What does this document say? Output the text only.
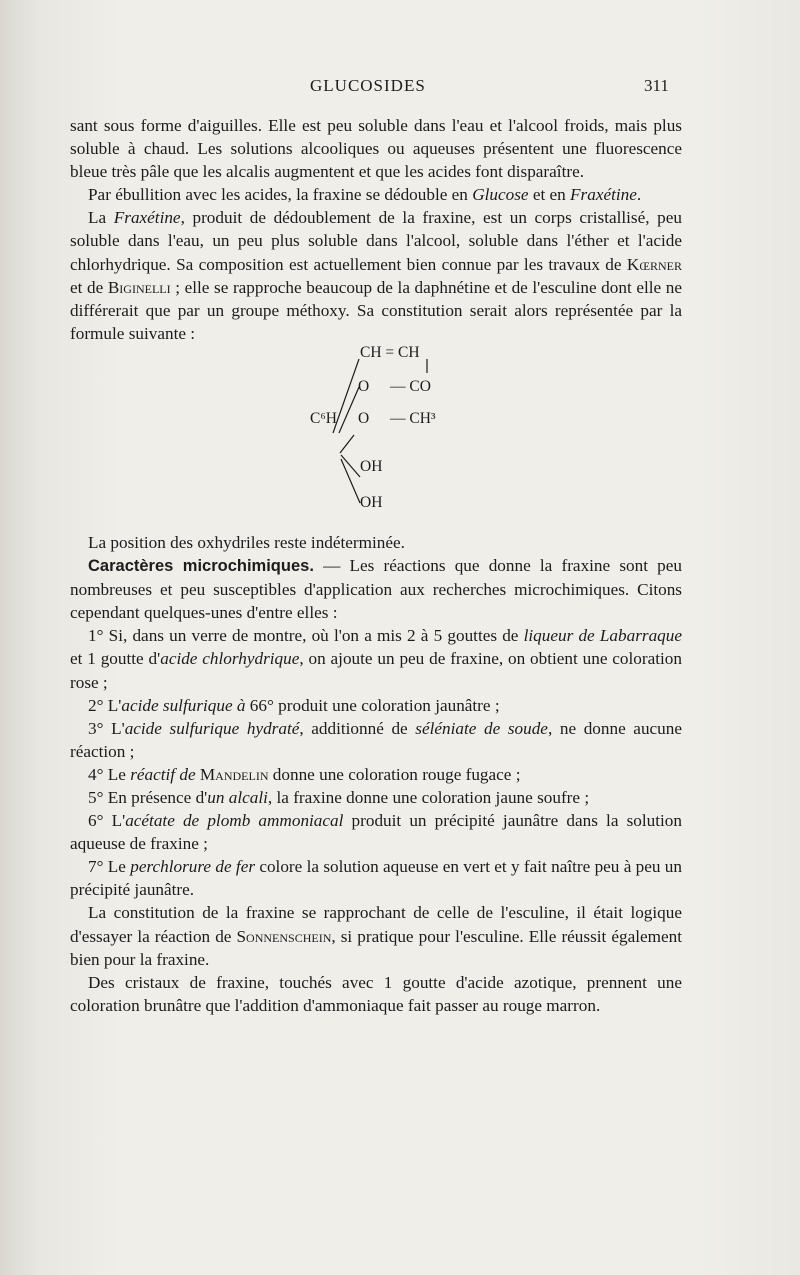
GLUCOSIDES	311

sant sous forme d'aiguilles. Elle est peu soluble dans l'eau et l'alcool froids, mais plus soluble à chaud. Les solutions alcooliques ou aqueuses présentent une fluorescence bleue très pâle que les alcalis augmentent et que les acides font disparaître.

Par ébullition avec les acides, la fraxine se dédouble en Glucose et en Fraxétine.

La Fraxétine, produit de dédoublement de la fraxine, est un corps cristallisé, peu soluble dans l'eau, un peu plus soluble dans l'alcool, soluble dans l'éther et l'acide chlorhydrique. Sa composition est actuellement bien connue par les travaux de Kœrner et de Biginelli ; elle se rapproche beaucoup de la daphnétine et de l'esculine dont elle ne différerait que par un groupe méthoxy. Sa constitution serait alors représentée par la formule suivante :

CH = CH
O — CO
C⁶H O — CH³
OH
OH

La position des oxhydriles reste indéterminée.

Caractères microchimiques. — Les réactions que donne la fraxine sont peu nombreuses et peu susceptibles d'application aux recherches microchimiques. Citons cependant quelques-unes d'entre elles :

1° Si, dans un verre de montre, où l'on a mis 2 à 5 gouttes de liqueur de Labarraque et 1 goutte d'acide chlorhydrique, on ajoute un peu de fraxine, on obtient une coloration rose ;

2° L'acide sulfurique à 66° produit une coloration jaunâtre ;

3° L'acide sulfurique hydraté, additionné de séléniate de soude, ne donne aucune réaction ;

4° Le réactif de Mandelin donne une coloration rouge fugace ;

5° En présence d'un alcali, la fraxine donne une coloration jaune soufre ;

6° L'acétate de plomb ammoniacal produit un précipité jaunâtre dans la solution aqueuse de fraxine ;

7° Le perchlorure de fer colore la solution aqueuse en vert et y fait naître peu à peu un précipité jaunâtre.

La constitution de la fraxine se rapprochant de celle de l'esculine, il était logique d'essayer la réaction de Sonnenschein, si pratique pour l'esculine. Elle réussit également bien pour la fraxine.

Des cristaux de fraxine, touchés avec 1 goutte d'acide azotique, prennent une coloration brunâtre que l'addition d'ammoniaque fait passer au rouge marron.
